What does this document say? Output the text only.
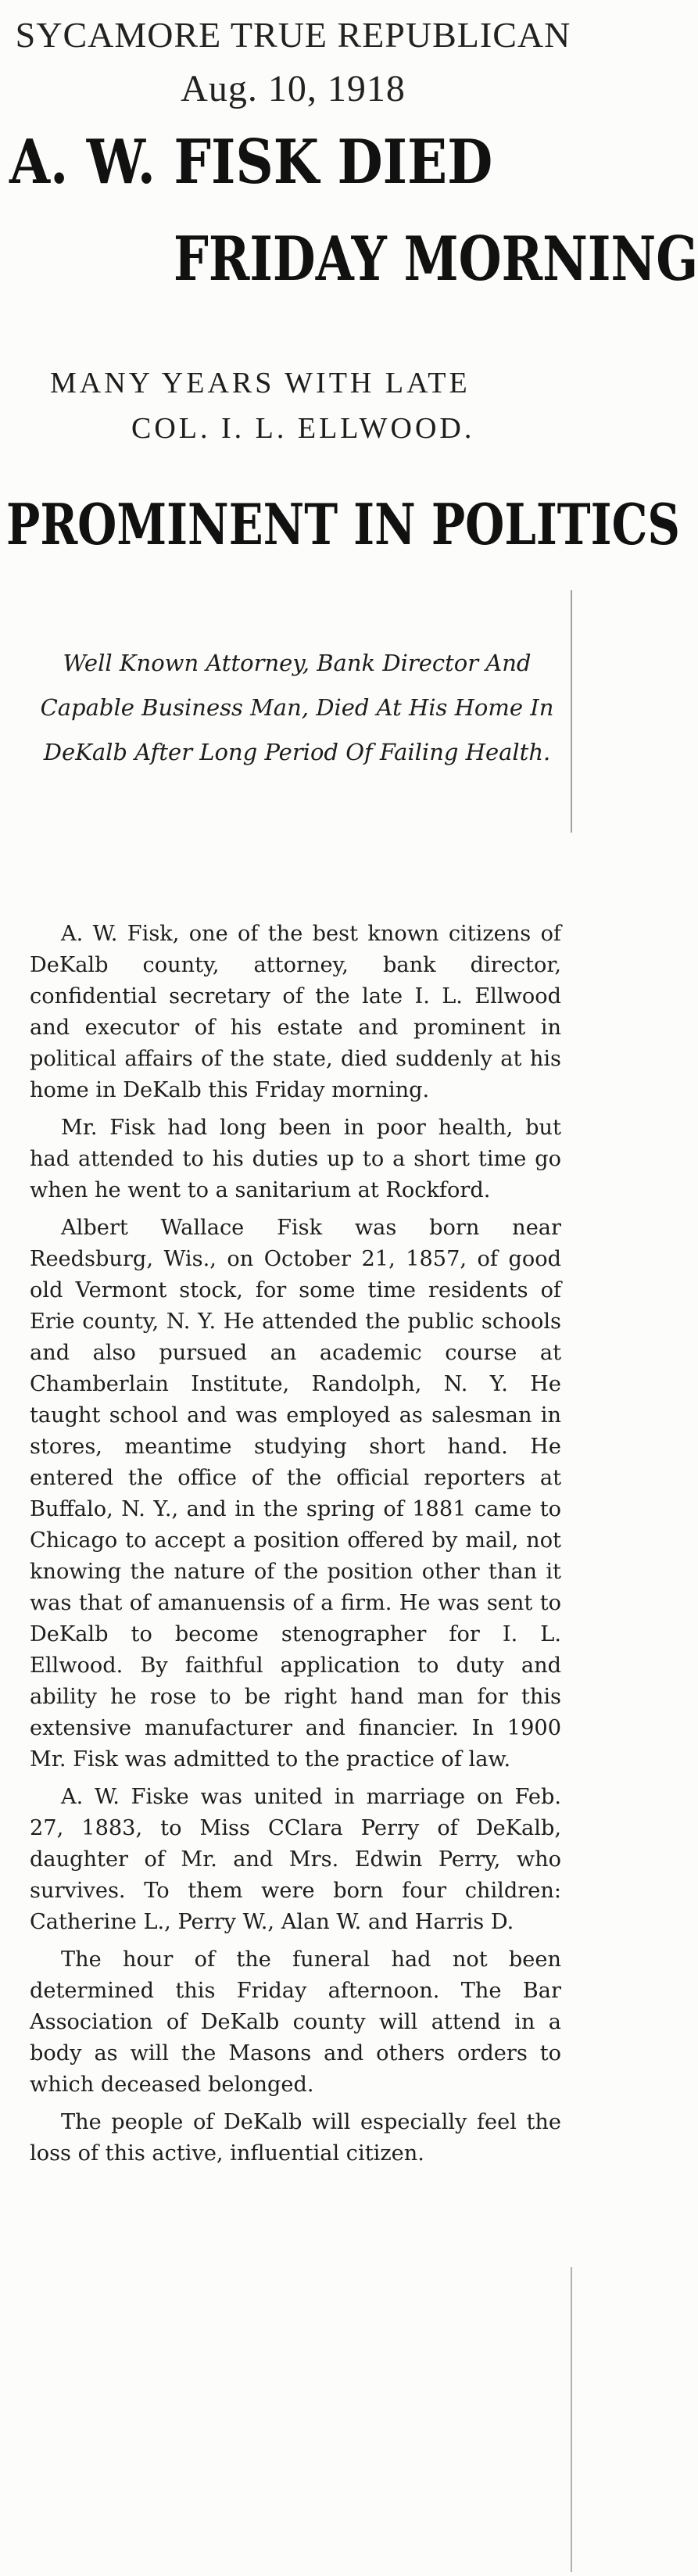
SYCAMORE TRUE REPUBLICAN
Aug. 10, 1918
A. W. FISK DIED
FRIDAY MORNING
MANY YEARS WITH LATE
COL. I. L. ELLWOOD.
PROMINENT IN POLITICS
Well Known Attorney, Bank Director And Capable Business Man, Died At His Home In DeKalb After Long Period Of Failing Health.

A. W. Fisk, one of the best known citizens of DeKalb county, attorney, bank director, confidential secretary of the late I. L. Ellwood and executor of his estate and prominent in political affairs of the state, died suddenly at his home in DeKalb this Friday morning.

Mr. Fisk had long been in poor health, but had attended to his duties up to a short time go when he went to a sanitarium at Rockford.

Albert Wallace Fisk was born near Reedsburg, Wis., on October 21, 1857, of good old Vermont stock, for some time residents of Erie county, N. Y. He attended the public schools and also pursued an academic course at Chamberlain Institute, Randolph, N. Y. He taught school and was employed as salesman in stores, meantime studying short hand. He entered the office of the official reporters at Buffalo, N. Y., and in the spring of 1881 came to Chicago to accept a position offered by mail, not knowing the nature of the position other than it was that of amanuensis of a firm. He was sent to DeKalb to become stenographer for I. L. Ellwood. By faithful application to duty and ability he rose to be right hand man for this extensive manufacturer and financier. In 1900 Mr. Fisk was admitted to the practice of law.

A. W. Fiske was united in marriage on Feb. 27, 1883, to Miss CClara Perry of DeKalb, daughter of Mr. and Mrs. Edwin Perry, who survives. To them were born four children: Catherine L., Perry W., Alan W. and Harris D.

The hour of the funeral had not been determined this Friday afternoon. The Bar Association of DeKalb county will attend in a body as will the Masons and others orders to which deceased belonged.

The people of DeKalb will especially feel the loss of this active, influential citizen.
